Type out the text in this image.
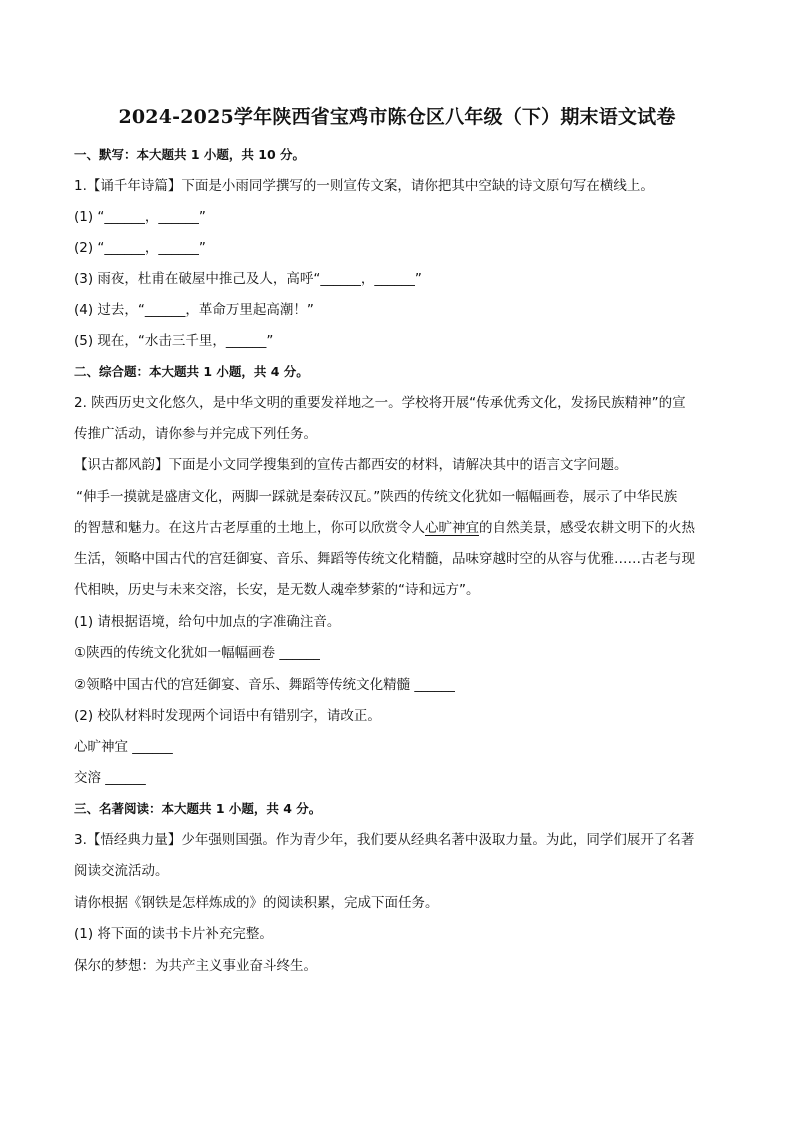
2024-2025学年陕西省宝鸡市陈仓区八年级（下）期末语文试卷
一、默写：本大题共 1 小题，共 10 分。
1.【诵千年诗篇】下面是小雨同学撰写的一则宣传文案，请你把其中空缺的诗文原句写在横线上。
(1) “______，______”
(2) “______，______”
(3) 雨夜，杜甫在破屋中推己及人，高呼“______，______”
(4) 过去，“______，革命万里起高潮！”
(5) 现在，“水击三千里，______”
二、综合题：本大题共 1 小题，共 4 分。
2. 陕西历史文化悠久，是中华文明的重要发祥地之一。学校将开展“传承优秀文化，发扬民族精神”的宣
传推广活动，请你参与并完成下列任务。
【识古都风韵】下面是小文同学搜集到的宣传古都西安的材料，请解决其中的语言文字问题。
“伸手一摸就是盛唐文化，两脚一踩就是秦砖汉瓦。”陕西的传统文化犹如一幅幅画卷，展示了中华民族
的智慧和魅力。在这片古老厚重的土地上，你可以欣赏令人心旷神宜的自然美景，感受农耕文明下的火热
生活，领略中国古代的宫廷御宴、音乐、舞蹈等传统文化精髓，品味穿越时空的从容与优雅……古老与现
代相映，历史与未来交溶，长安，是无数人魂牵梦萦的“诗和远方”。
(1) 请根据语境，给句中加点的字准确注音。
①陕西的传统文化犹如一幅幅画卷 ______
②领略中国古代的宫廷御宴、音乐、舞蹈等传统文化精髓 ______
(2) 校队材料时发现两个词语中有错别字，请改正。
心旷神宜 ______
交溶 ______
三、名著阅读：本大题共 1 小题，共 4 分。
3.【悟经典力量】少年强则国强。作为青少年，我们要从经典名著中汲取力量。为此，同学们展开了名著
阅读交流活动。
请你根据《钢铁是怎样炼成的》的阅读积累，完成下面任务。
(1) 将下面的读书卡片补充完整。
保尔的梦想：为共产主义事业奋斗终生。
